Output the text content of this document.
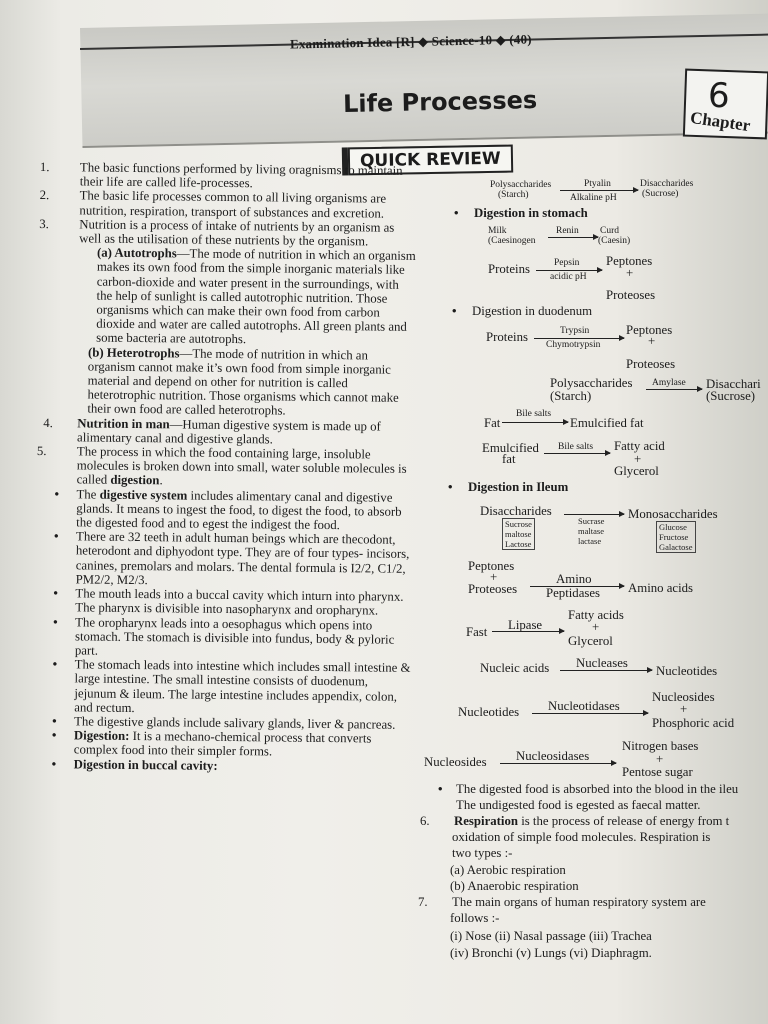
Examination Idea [R] ◆ Science-10 ◆ (40)
Life Processes	6
Chapter
QUICK REVIEW

1. The basic functions performed by living oragnisms to maintain their life are called life-processes.

2. The basic life processes common to all living organisms are nutrition, respiration, transport of substances and excretion.

3. Nutrition is a process of intake of nutrients by an organism as well as the utilisation of these nutrients by the organism.

(a) Autotrophs—The mode of nutrition in which an organism makes its own food from the simple inorganic materials like carbon-dioxide and water present in the surroundings, with the help of sunlight is called autotrophic nutrition. Those organisms which can make their own food from carbon dioxide and water are called autotrophs. All green plants and some bacteria are autotrophs.

(b) Heterotrophs—The mode of nutrition in which an organism cannot make it’s own food from simple inorganic material and depend on other for nutrition is called heterotrophic nutrition. Those organisms which cannot make their own food are called heterotrophs.

4. Nutrition in man—Human digestive system is made up of alimentary canal and digestive glands.

5. The process in which the food containing large, insoluble molecules is broken down into small, water soluble molecules is called digestion.

• The digestive system includes alimentary canal and digestive glands. It means to ingest the food, to digest the food, to absorb the digested food and to egest the indigest the food.

• There are 32 teeth in adult human beings which are thecodont, heterodont and diphyodont type. They are of four types- incisors, canines, premolars and molars. The dental formula is I2/2, C1/2, PM2/2, M2/3.

• The mouth leads into a buccal cavity which inturn into pharynx. The pharynx is divisible into nasopharynx and oropharynx.

• The oropharynx leads into a oesophagus which opens into stomach. The stomach is divisible into fundus, body & pyloric part.

• The stomach leads into intestine which includes small intestine & large intestine. The small intestine consists of duodenum, jejunum & ileum. The large intestine includes appendix, colon, and rectum.

• The digestive glands include salivary glands, liver & pancreas.

• Digestion: It is a mechano-chemical process that converts complex food into their simpler forms.

• Digestion in buccal cavity:

Polysaccharides
(Starch)
Ptyalin
Alkaline pH
Disaccharides
(Sucrose)
• Digestion in stomach
Milk
(Caesinogen
Renin Curd
(Caesin)
Proteins	Pepsin
acidic pH
Peptones
+
Proteoses
• Digestion in duodenum
Proteins	Trypsin
Chymotrypsin
Peptones
+
Proteoses
Polysaccharides
(Starch)
Amylase Disacchari
(Sucrose)
Fat
Bile salts
Emulcified fat
Emulcified
fat
Bile salts Fatty acid
+
Glycerol
• Digestion in Ileum
Disaccharides
Sucrose
maltose
Lactose
Sucrase
maltase
lactase
Monosaccharides
Glucose
Fructose
Galactose
Peptones
+
Proteoses
Amino
Peptidases Amino acids
Fast Lipase
Fatty acids
+
Glycerol
Nucleic acids Nucleases
Nucleotides
Nucleotides Nucleotidases
Nucleosides
+
Phosphoric acid
Nucleosides Nucleosidases
Nitrogen bases
+
Pentose sugar
• The digested food is absorbed into the blood in the ileu
The undigested food is egested as faecal matter.
6. Respiration is the process of release of energy from t
oxidation of simple food molecules. Respiration is
two types :-
(a) Aerobic respiration
(b) Anaerobic respiration
7. The main organs of human respiratory system are
follows :-
(i) Nose (ii) Nasal passage (iii) Trachea
(iv) Bronchi (v) Lungs (vi) Diaphragm.
